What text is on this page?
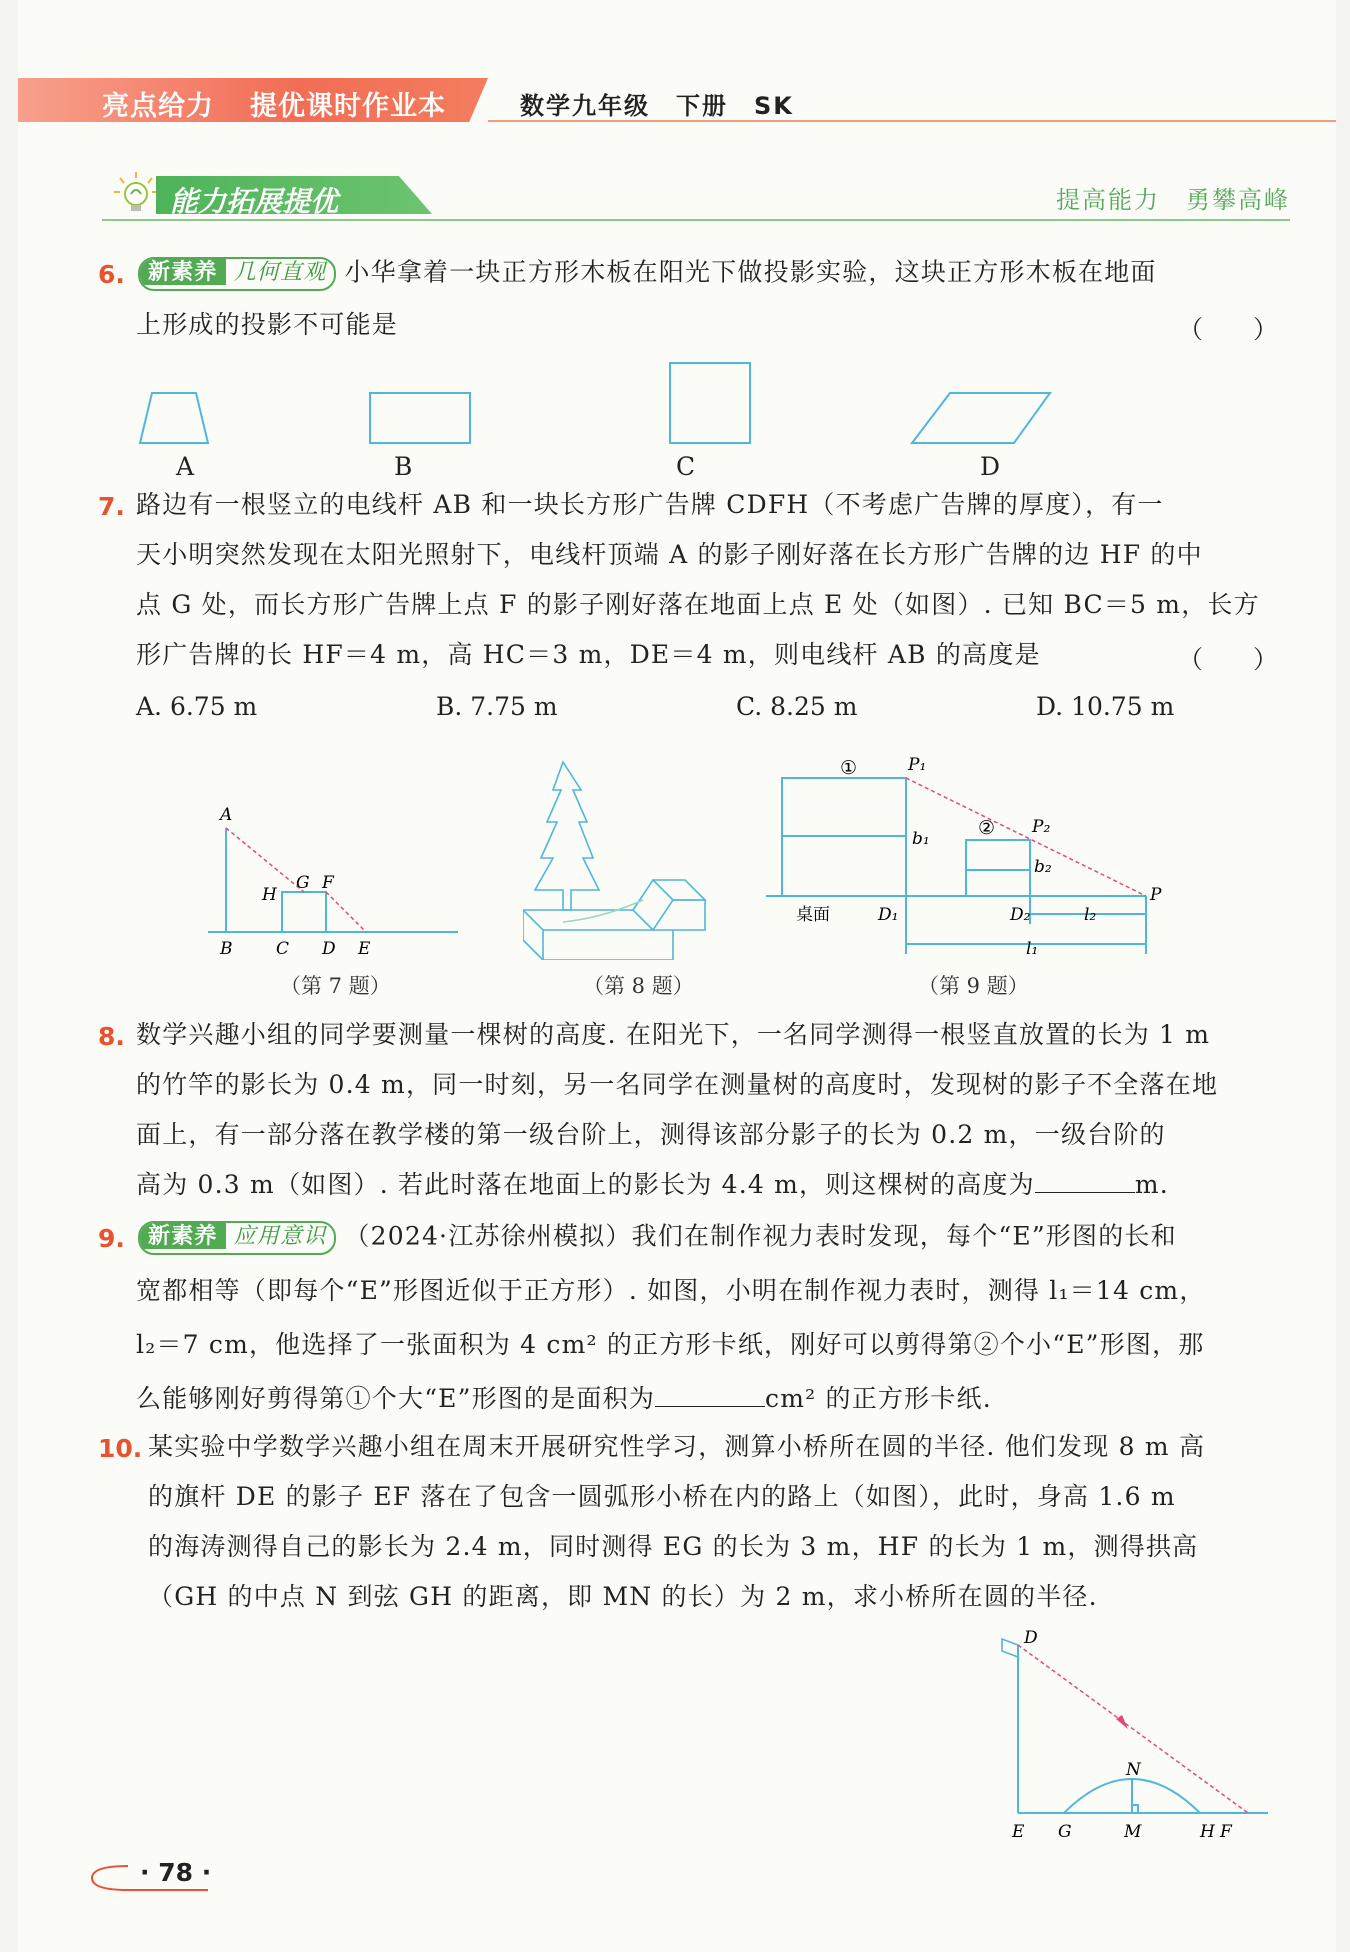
亮点给力 提优课时作业本	数学九年级　下册　SK
能力拓展提优	提高能力　勇攀高峰
6.	新素养 几何直观 小华拿着一块正方形木板在阳光下做投影实验，这块正方形木板在地面
上形成的投影不可能是	（　　）
A	B	C	D
7. 路边有一根竖立的电线杆 AB 和一块长方形广告牌 CDFH（不考虑广告牌的厚度），有一
天小明突然发现在太阳光照射下，电线杆顶端 A 的影子刚好落在长方形广告牌的边 HF 的中
点 G 处，而长方形广告牌上点 F 的影子刚好落在地面上点 E 处（如图）. 已知 BC＝5 m，长方
形广告牌的长 HF＝4 m，高 HC＝3 m，DE＝4 m，则电线杆 AB 的高度是	（　　）
A. 6.75 m	B. 7.75 m	C. 8.25 m	D. 10.75 m
A
H
G F
B	C D E
（第 7 题）	（第 8 题）
①	P₁
② P₂
b₁
b₂
P
桌面	D₁	D₂	l₂
l₁
（第 9 题）
8. 数学兴趣小组的同学要测量一棵树的高度. 在阳光下，一名同学测得一根竖直放置的长为 1 m
的竹竿的影长为 0.4 m，同一时刻，另一名同学在测量树的高度时，发现树的影子不全落在地
面上，有一部分落在教学楼的第一级台阶上，测得该部分影子的长为 0.2 m，一级台阶的
高为 0.3 m（如图）. 若此时落在地面上的影长为 4.4 m，则这棵树的高度为	m.
9.	新素养 应用意识 （2024·江苏徐州模拟）我们在制作视力表时发现，每个“E”形图的长和
宽都相等（即每个“E”形图近似于正方形）. 如图，小明在制作视力表时，测得 l₁＝14 cm，
l₂＝7 cm，他选择了一张面积为 4 cm² 的正方形卡纸，刚好可以剪得第②个小“E”形图，那
么能够刚好剪得第①个大“E”形图的是面积为	cm² 的正方形卡纸.
10. 某实验中学数学兴趣小组在周末开展研究性学习，测算小桥所在圆的半径. 他们发现 8 m 高
的旗杆 DE 的影子 EF 落在了包含一圆弧形小桥在内的路上（如图），此时，身高 1.6 m
的海涛测得自己的影长为 2.4 m，同时测得 EG 的长为 3 m，HF 的长为 1 m，测得拱高
（GH 的中点 N 到弦 GH 的距离，即 MN 的长）为 2 m，求小桥所在圆的半径.
D
N
E G	M	H F
· 78 ·
